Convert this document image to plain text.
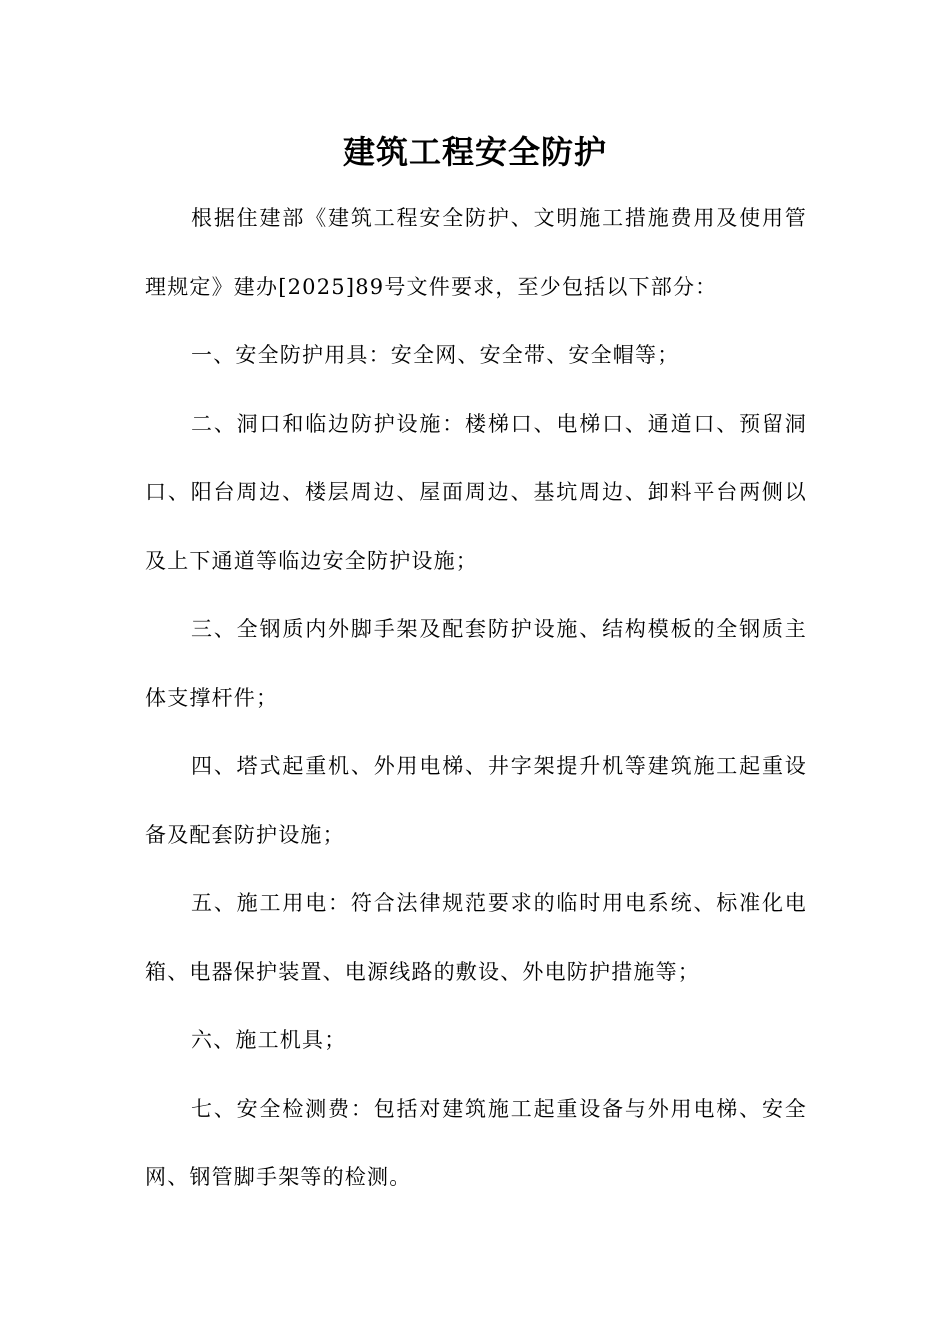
建筑工程安全防护

根据住建部《建筑工程安全防护、文明施工措施费用及使用管理规定》建办[2025]89号文件要求，至少包括以下部分：

一、安全防护用具：安全网、安全带、安全帽等；

二、洞口和临边防护设施：楼梯口、电梯口、通道口、预留洞口、阳台周边、楼层周边、屋面周边、基坑周边、卸料平台两侧以及上下通道等临边安全防护设施；

三、全钢质内外脚手架及配套防护设施、结构模板的全钢质主体支撑杆件；

四、塔式起重机、外用电梯、井字架提升机等建筑施工起重设备及配套防护设施；

五、施工用电：符合法律规范要求的临时用电系统、标准化电箱、电器保护装置、电源线路的敷设、外电防护措施等；

六、施工机具；

七、安全检测费：包括对建筑施工起重设备与外用电梯、安全网、钢管脚手架等的检测。
